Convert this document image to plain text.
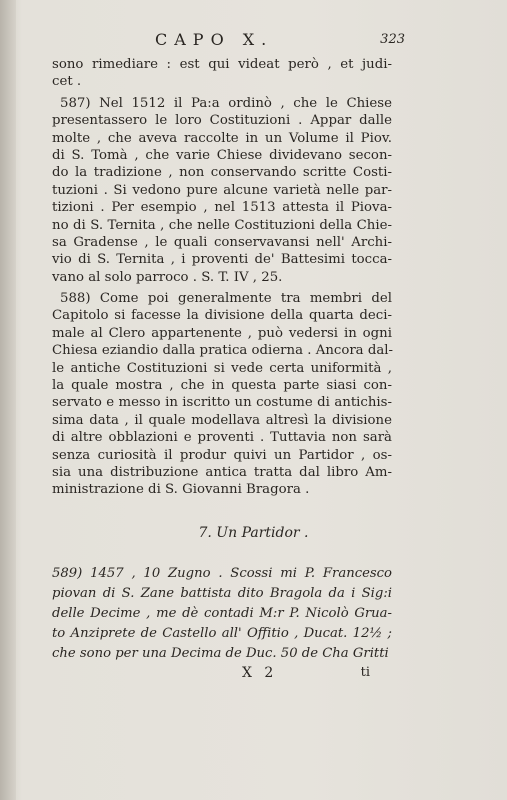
CAPO X.	323
sono rimediare : est qui videat però , et judi-
cet .
587) Nel 1512 il Pa:a ordinò , che le Chiese
presentassero le loro Costituzioni . Appar dalle
molte , che aveva raccolte in un Volume il Piov.
di S. Tomà , che varie Chiese dividevano secon-
do la tradizione , non conservando scritte Costi-
tuzioni . Si vedono pure alcune varietà nelle par-
tizioni . Per esempio , nel 1513 attesta il Piova-
no di S. Ternita , che nelle Costituzioni della Chie-
sa Gradense , le quali conservavansi nell' Archi-
vio di S. Ternita , i proventi de' Battesimi tocca-
vano al solo parroco . S. T. IV , 25.
588) Come poi generalmente tra membri del
Capitolo si facesse la divisione della quarta deci-
male al Clero appartenente , può vedersi in ogni
Chiesa eziandio dalla pratica odierna . Ancora dal-
le antiche Costituzioni si vede certa uniformità ,
la quale mostra , che in questa parte siasi con-
servato e messo in iscritto un costume di antichis-
sima data , il quale modellava altresì la divisione
di altre obblazioni e proventi . Tuttavia non sarà
senza curiosità il produr quivi un Partidor , os-
sia una distribuzione antica tratta dal libro Am-
ministrazione di S. Giovanni Bragora .
7. Un Partidor .
589) 1457 , 10 Zugno . Scossi mi P. Francesco
piovan di S. Zane battista dito Bragola da i Sig:i
delle Decime , me dè contadi M:r P. Nicolò Grua-
to Anziprete de Castello all' Offitio , Ducat. 12½ ;
che sono per una Decima de Duc. 50 de Cha Gritti
X 2	ti
